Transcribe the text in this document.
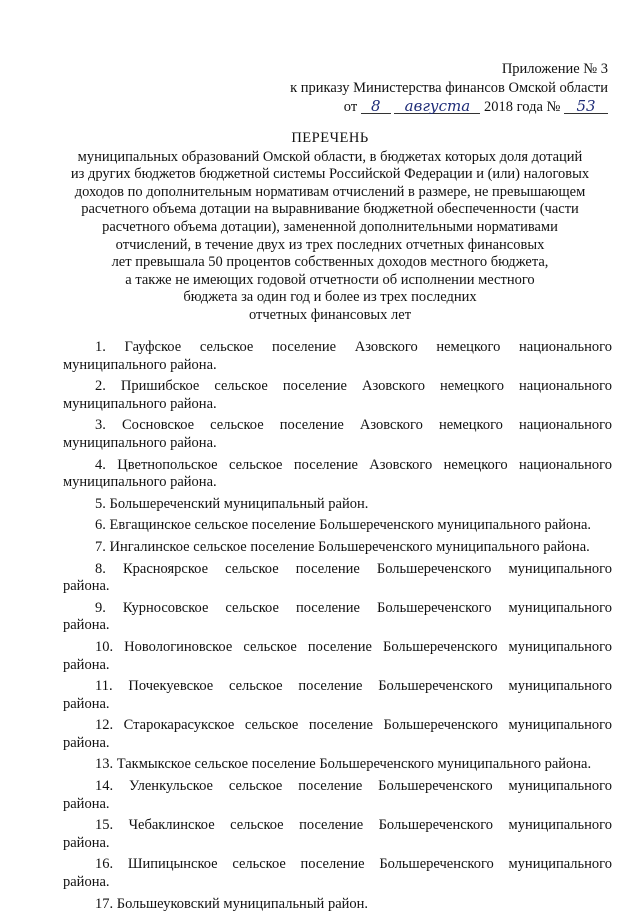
Приложение № 3
к приказу Министерства финансов Омской области
от 8 августа 2018 года № 53
ПЕРЕЧЕНЬ
муниципальных образований Омской области, в бюджетах которых доля дотаций
из других бюджетов бюджетной системы Российской Федерации и (или) налоговых
доходов по дополнительным нормативам отчислений в размере, не превышающем
расчетного объема дотации на выравнивание бюджетной обеспеченности (части
расчетного объема дотации), замененной дополнительными нормативами
отчислений, в течение двух из трех последних отчетных финансовых
лет превышала 50 процентов собственных доходов местного бюджета,
а также не имеющих годовой отчетности об исполнении местного
бюджета за один год и более из трех последних
отчетных финансовых лет
1. Гауфское сельское поселение Азовского немецкого национального
муниципального района.
2. Пришибское сельское поселение Азовского немецкого национального
муниципального района.
3. Сосновское сельское поселение Азовского немецкого национального
муниципального района.
4. Цветнопольское сельское поселение Азовского немецкого национального
муниципального района.
5. Большереченский муниципальный район.
6. Евгащинское сельское поселение Большереченского муниципального района.
7. Ингалинское сельское поселение Большереченского муниципального района.
8. Красноярское сельское поселение Большереченского муниципального
района.
9. Курносовское сельское поселение Большереченского муниципального
района.
10. Новологиновское сельское поселение Большереченского муниципального
района.
11. Почекуевское сельское поселение Большереченского муниципального
района.
12. Старокарасукское сельское поселение Большереченского муниципального
района.
13. Такмыкское сельское поселение Большереченского муниципального района.
14. Уленкульское сельское поселение Большереченского муниципального
района.
15. Чебаклинское сельское поселение Большереченского муниципального
района.
16. Шипицынское сельское поселение Большереченского муниципального
района.
17. Большеуковский муниципальный район.
